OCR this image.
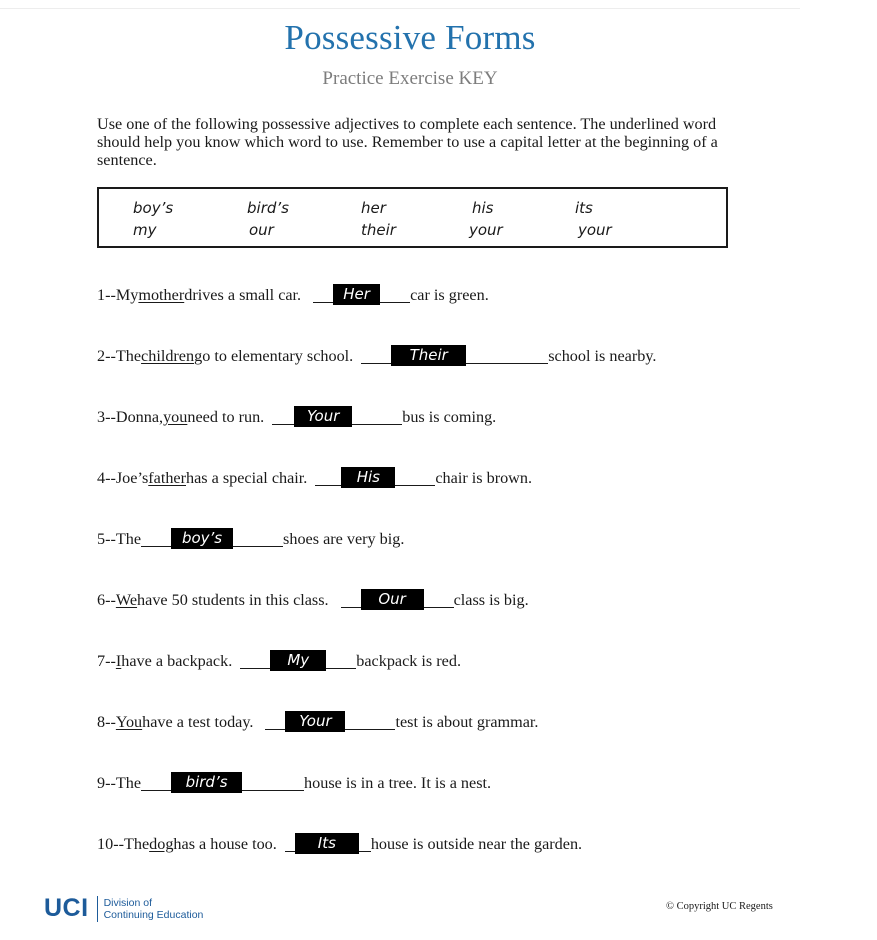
Possessive Forms
Practice Exercise KEY
Use one of the following possessive adjectives to complete each sentence. The underlined word should help you know which word to use. Remember to use a capital letter at the beginning of a sentence.
boy’s	bird’s	her	his	its
my	our	their	your	your
1--Mymotherdrives a small car.	Hercar is green.
2--Thechildrengo to elementary school.	Their	school is nearby.
3--Donna,youneed to run.	Your	bus is coming.
4--Joe’sfatherhas a special chair.	His	chair is brown.
5--The	boy’s	shoes are very big.
6--Wehave 50 students in this class.	Our	class is big.
7--Ihave a backpack.	My	backpack is red.
8--Youhave a test today.	Your	test is about grammar.
9--The	bird’s	house is in a tree. It is a nest.
10--Thedoghas a house too.	Itshouse is outside near the garden.
UCI Division of
Continuing Education
© Copyright UC Regents
